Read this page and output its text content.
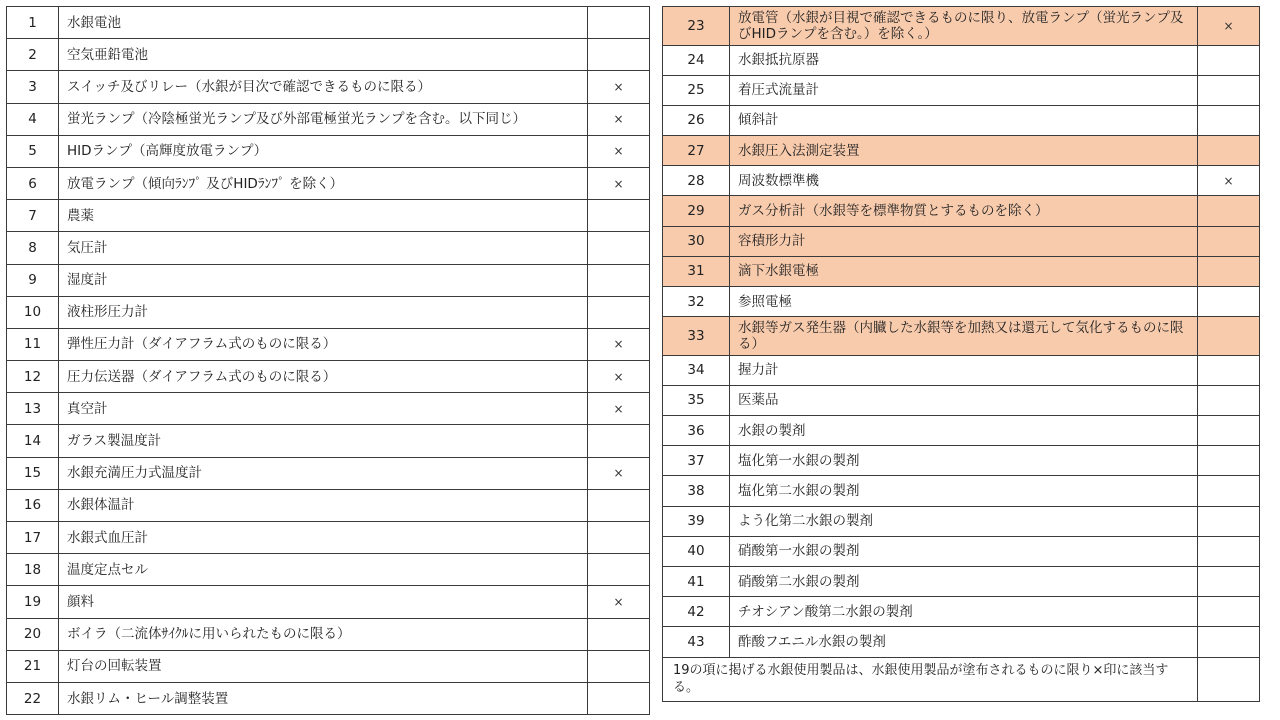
1	水銀電池	
2	空気亜鉛電池	
3	スイッチ及びリレー（水銀が目次で確認できるものに限る）	×
4	蛍光ランプ（冷陰極蛍光ランプ及び外部電極蛍光ランプを含む。以下同じ）	×
5	HIDランプ（高輝度放電ランプ）	×
6	放電ランプ（傾向ﾗﾝﾌﾟ 及びHIDﾗﾝﾌﾟ を除く）	×
7	農薬	
8	気圧計	
9	湿度計	
10	液柱形圧力計	
11	弾性圧力計（ダイアフラム式のものに限る）	×
12	圧力伝送器（ダイアフラム式のものに限る）	×
13	真空計	×
14	ガラス製温度計	
15	水銀充満圧力式温度計	×
16	水銀体温計	
17	水銀式血圧計	
18	温度定点セル	
19	顔料	×
20	ボイラ（二流体ｻｲｸﾙに用いられたものに限る）	
21	灯台の回転装置	
22	水銀リム・ヒール調整装置	
23	放電管（水銀が目視で確認できるものに限り、放電ランプ（蛍光ランプ及びHIDランプを含む。）を除く。）	×
24	水銀抵抗原器	
25	着圧式流量計	
26	傾斜計	
27	水銀圧入法測定装置	
28	周波数標準機	×
29	ガス分析計（水銀等を標準物質とするものを除く）	
30	容積形力計	
31	滴下水銀電極	
32	参照電極	
33	水銀等ガス発生器（内臓した水銀等を加熱又は還元して気化するものに限る）	
34	握力計	
35	医薬品	
36	水銀の製剤	
37	塩化第一水銀の製剤	
38	塩化第二水銀の製剤	
39	よう化第二水銀の製剤	
40	硝酸第一水銀の製剤	
41	硝酸第二水銀の製剤	
42	チオシアン酸第二水銀の製剤	
43	酢酸フエニル水銀の製剤	
19の項に掲げる水銀使用製品は、水銀使用製品が塗布されるものに限り×印に該当する。		
